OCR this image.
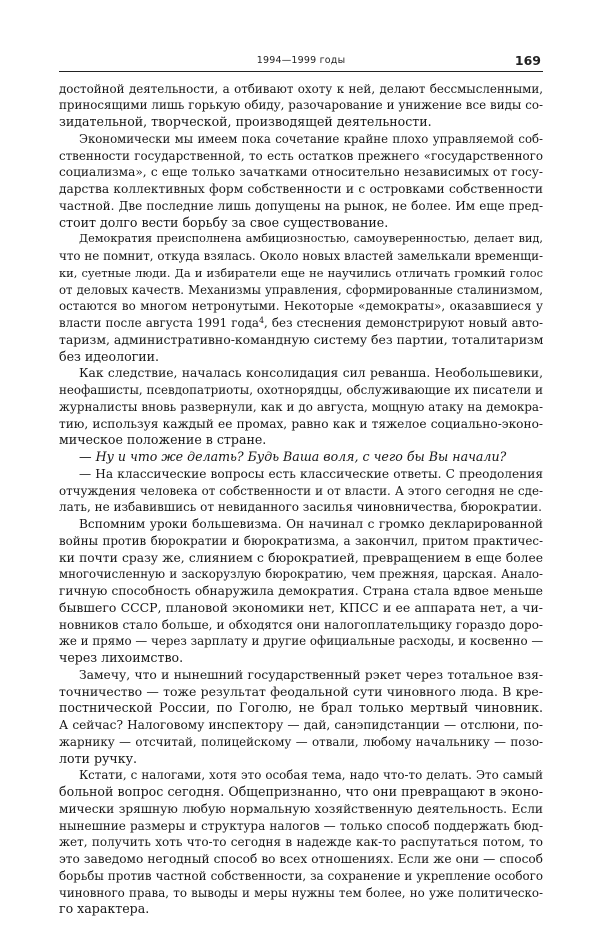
1994—1999 годы	169
достойной деятельности, а отбивают охоту к ней, делают бессмысленными,
приносящими лишь горькую обиду, разочарование и унижение все виды со-
зидательной, творческой, производящей деятельности.
Экономически мы имеем пока сочетание крайне плохо управляемой соб-
ственности государственной, то есть остатков прежнего «государственного
социализма», с еще только зачатками относительно независимых от госу-
дарства коллективных форм собственности и с островками собственности
частной. Две последние лишь допущены на рынок, не более. Им еще пред-
стоит долго вести борьбу за свое существование.
Демократия преисполнена амбициозностью, самоуверенностью, делает вид,
что не помнит, откуда взялась. Около новых властей замелькали временщи-
ки, суетные люди. Да и избиратели еще не научились отличать громкий голос
от деловых качеств. Механизмы управления, сформированные сталинизмом,
остаются во многом нетронутыми. Некоторые «демократы», оказавшиеся у
власти после августа 1991 года$^4$, без стеснения демонстрируют новый авто-
таризм, административно-командную систему без партии, тоталитаризм
без идеологии.
Как следствие, началась консолидация сил реванша. Необольшевики,
неофашисты, псевдопатриоты, охотнорядцы, обслуживающие их писатели и
журналисты вновь развернули, как и до августа, мощную атаку на демокра-
тию, используя каждый ее промах, равно как и тяжелое социально-эконо-
мическое положение в стране.
— Ну и что же делать? Будь Ваша воля, с чего бы Вы начали?
— На классические вопросы есть классические ответы. С преодоления
отчуждения человека от собственности и от власти. А этого сегодня не сде-
лать, не избавившись от невиданного засилья чиновничества, бюрократии.
Вспомним уроки большевизма. Он начинал с громко декларированной
войны против бюрократии и бюрократизма, а закончил, притом практичес-
ки почти сразу же, слиянием с бюрократией, превращением в еще более
многочисленную и заскорузлую бюрократию, чем прежняя, царская. Анало-
гичную способность обнаружила демократия. Страна стала вдвое меньше
бывшего СССР, плановой экономики нет, КПСС и ее аппарата нет, а чи-
новников стало больше, и обходятся они налогоплательщику гораздо доро-
же и прямо — через зарплату и другие официальные расходы, и косвенно —
через лихоимство.
Замечу, что и нынешний государственный рэкет через тотальное взя-
точничество — тоже результат феодальной сути чиновного люда. В кре-
постнической России, по Гоголю, не брал только мертвый чиновник.
А сейчас? Налоговому инспектору — дай, санэпидстанции — отслюни, по-
жарнику — отсчитай, полицейскому — отвали, любому начальнику — позо-
лоти ручку.
Кстати, с налогами, хотя это особая тема, надо что-то делать. Это самый
больной вопрос сегодня. Общепризнанно, что они превращают в эконо-
мически зряшную любую нормальную хозяйственную деятельность. Если
нынешние размеры и структура налогов — только способ поддержать бюд-
жет, получить хоть что-то сегодня в надежде как-то распутаться потом, то
это заведомо негодный способ во всех отношениях. Если же они — способ
борьбы против частной собственности, за сохранение и укрепление особого
чиновного права, то выводы и меры нужны тем более, но уже политическо-
го характера.
